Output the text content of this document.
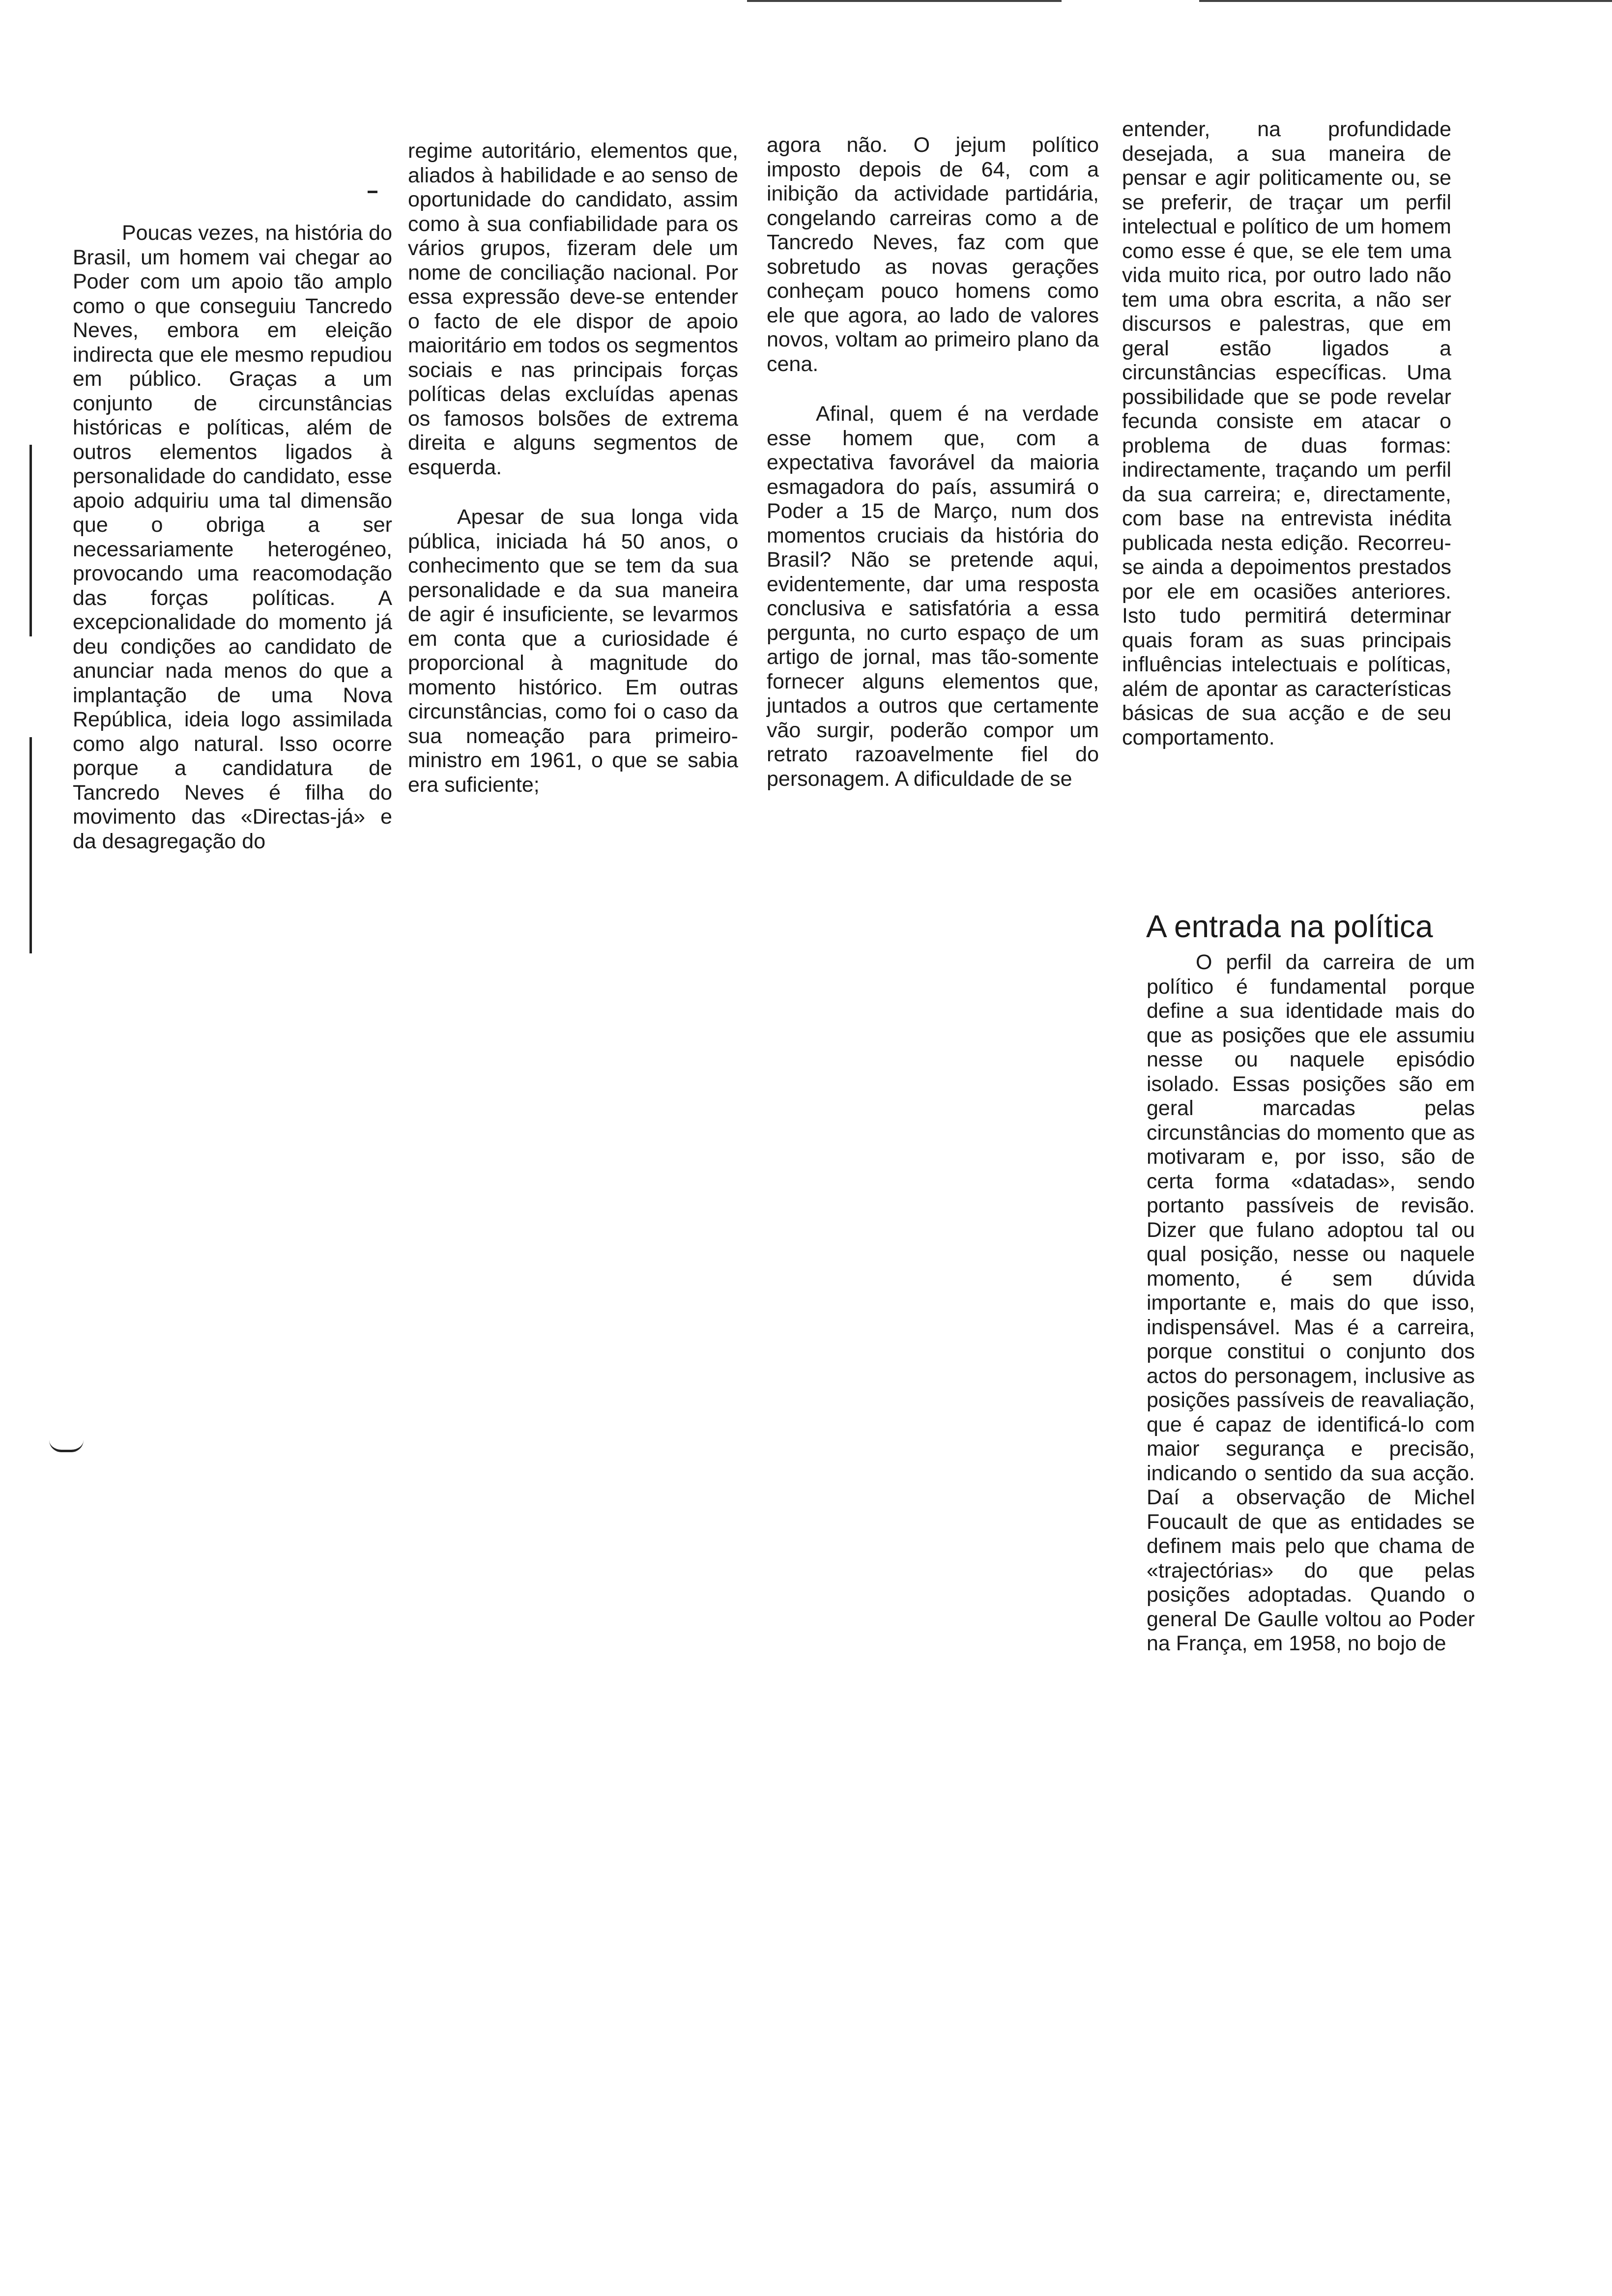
Poucas vezes, na história do Brasil, um homem vai chegar ao Poder com um apoio tão amplo como o que conseguiu Tancredo Neves, embora em eleição indirecta que ele mesmo repudiou em público. Graças a um conjunto de circunstâncias históricas e políticas, além de outros elementos ligados à personalidade do candidato, esse apoio adquiriu uma tal dimensão que o obriga a ser necessariamente heterogéneo, provocando uma reacomodação das forças políticas. A excepcionalidade do momento já deu condições ao candidato de anunciar nada menos do que a implantação de uma Nova República, ideia logo assimilada como algo natural. Isso ocorre porque a candidatura de Tancredo Neves é filha do movimento das «Directas-já» e da desagregação do

regime autoritário, elementos que, aliados à habilidade e ao senso de oportunidade do candidato, assim como à sua confiabilidade para os vários grupos, fizeram dele um nome de conciliação nacional. Por essa expressão deve-se entender o facto de ele dispor de apoio maioritário em todos os segmentos sociais e nas principais forças políticas delas excluídas apenas os famosos bolsões de extrema direita e alguns segmentos de esquerda.

Apesar de sua longa vida pública, iniciada há 50 anos, o conhecimento que se tem da sua personalidade e da sua maneira de agir é insuficiente, se levarmos em conta que a curiosidade é proporcional à magnitude do momento histórico. Em outras circunstâncias, como foi o caso da sua nomeação para primeiro-ministro em 1961, o que se sabia era suficiente;

agora não. O jejum político imposto depois de 64, com a inibição da actividade partidária, congelando carreiras como a de Tancredo Neves, faz com que sobretudo as novas gerações conheçam pouco homens como ele que agora, ao lado de valores novos, voltam ao primeiro plano da cena.

Afinal, quem é na verdade esse homem que, com a expectativa favorável da maioria esmagadora do país, assumirá o Poder a 15 de Março, num dos momentos cruciais da história do Brasil? Não se pretende aqui, evidentemente, dar uma resposta conclusiva e satisfatória a essa pergunta, no curto espaço de um artigo de jornal, mas tão-somente fornecer alguns elementos que, juntados a outros que certamente vão surgir, poderão compor um retrato razoavelmente fiel do personagem. A dificuldade de se

entender, na profundidade desejada, a sua maneira de pensar e agir politicamente ou, se se preferir, de traçar um perfil intelectual e político de um homem como esse é que, se ele tem uma vida muito rica, por outro lado não tem uma obra escrita, a não ser discursos e palestras, que em geral estão ligados a circunstâncias específicas. Uma possibilidade que se pode revelar fecunda consiste em atacar o problema de duas formas: indirectamente, traçando um perfil da sua carreira; e, directamente, com base na entrevista inédita publicada nesta edição. Recorreu-se ainda a depoimentos prestados por ele em ocasiões anteriores. Isto tudo permitirá determinar quais foram as suas principais influências intelectuais e políticas, além de apontar as características básicas de sua acção e de seu comportamento.

A entrada na política

O perfil da carreira de um político é fundamental porque define a sua identidade mais do que as posições que ele assumiu nesse ou naquele episódio isolado. Essas posições são em geral marcadas pelas circunstâncias do momento que as motivaram e, por isso, são de certa forma «datadas», sendo portanto passíveis de revisão. Dizer que fulano adoptou tal ou qual posição, nesse ou naquele momento, é sem dúvida importante e, mais do que isso, indispensável. Mas é a carreira, porque constitui o conjunto dos actos do personagem, inclusive as posições passíveis de reavaliação, que é capaz de identificá-lo com maior segurança e precisão, indicando o sentido da sua acção. Daí a observação de Michel Foucault de que as entidades se definem mais pelo que chama de «trajectórias» do que pelas posições adoptadas. Quando o general De Gaulle voltou ao Poder na França, em 1958, no bojo de
